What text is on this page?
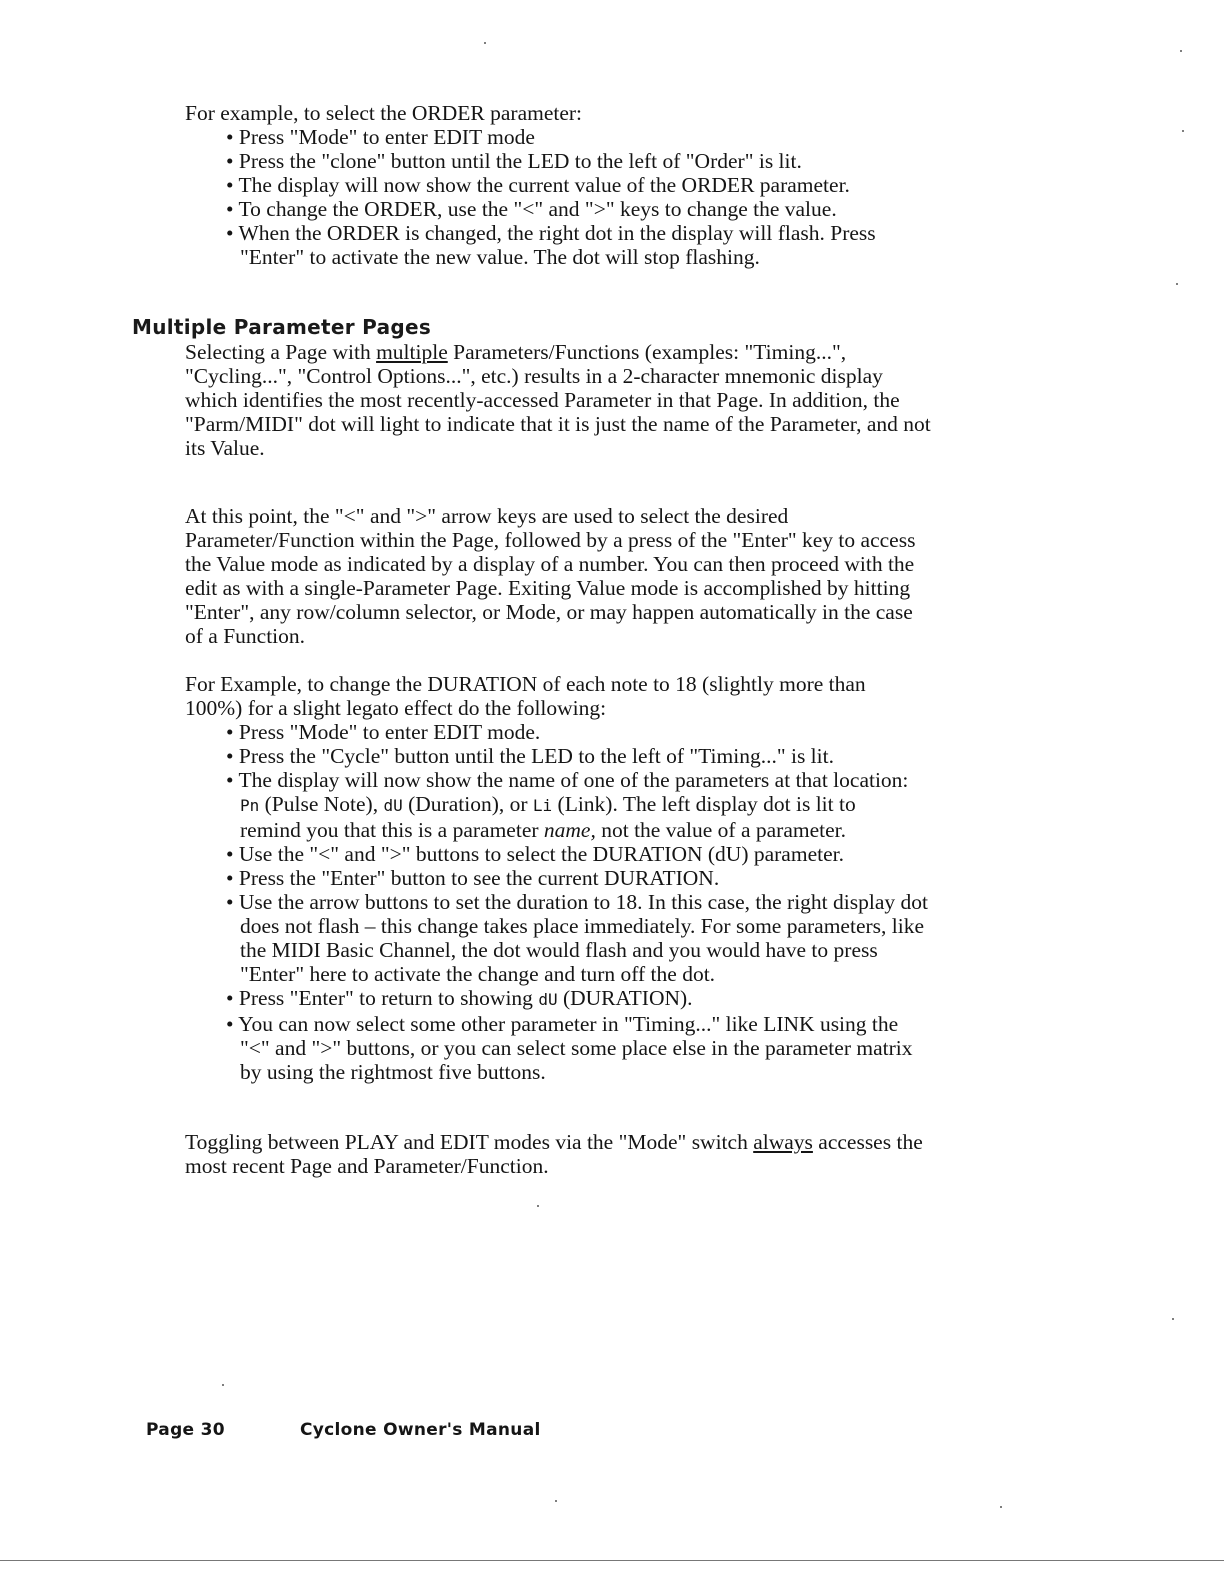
For example, to select the ORDER parameter:
• Press "Mode" to enter EDIT mode
• Press the "clone" button until the LED to the left of "Order" is lit.
• The display will now show the current value of the ORDER parameter.
• To change the ORDER, use the "<" and ">" keys to change the value.
• When the ORDER is changed, the right dot in the display will flash. Press
"Enter" to activate the new value. The dot will stop flashing.
Multiple Parameter Pages
Selecting a Page with multiple Parameters/Functions (examples: "Timing...",
"Cycling...", "Control Options...", etc.) results in a 2-character mnemonic display
which identifies the most recently-accessed Parameter in that Page. In addition, the
"Parm/MIDI" dot will light to indicate that it is just the name of the Parameter, and not
its Value.
At this point, the "<" and ">" arrow keys are used to select the desired
Parameter/Function within the Page, followed by a press of the "Enter" key to access
the Value mode as indicated by a display of a number. You can then proceed with the
edit as with a single-Parameter Page. Exiting Value mode is accomplished by hitting
"Enter", any row/column selector, or Mode, or may happen automatically in the case
of a Function.
For Example, to change the DURATION of each note to 18 (slightly more than
100%) for a slight legato effect do the following:
• Press "Mode" to enter EDIT mode.
• Press the "Cycle" button until the LED to the left of "Timing..." is lit.
• The display will now show the name of one of the parameters at that location:
Pn (Pulse Note), dU (Duration), or Li (Link). The left display dot is lit to
remind you that this is a parameter name, not the value of a parameter.
• Use the "<" and ">" buttons to select the DURATION (dU) parameter.
• Press the "Enter" button to see the current DURATION.
• Use the arrow buttons to set the duration to 18. In this case, the right display dot
does not flash – this change takes place immediately. For some parameters, like
the MIDI Basic Channel, the dot would flash and you would have to press
"Enter" here to activate the change and turn off the dot.
• Press "Enter" to return to showing dU (DURATION).
• You can now select some other parameter in "Timing..." like LINK using the
"<" and ">" buttons, or you can select some place else in the parameter matrix
by using the rightmost five buttons.
Toggling between PLAY and EDIT modes via the "Mode" switch always accesses the
most recent Page and Parameter/Function.
Page 30	Cyclone Owner's Manual
